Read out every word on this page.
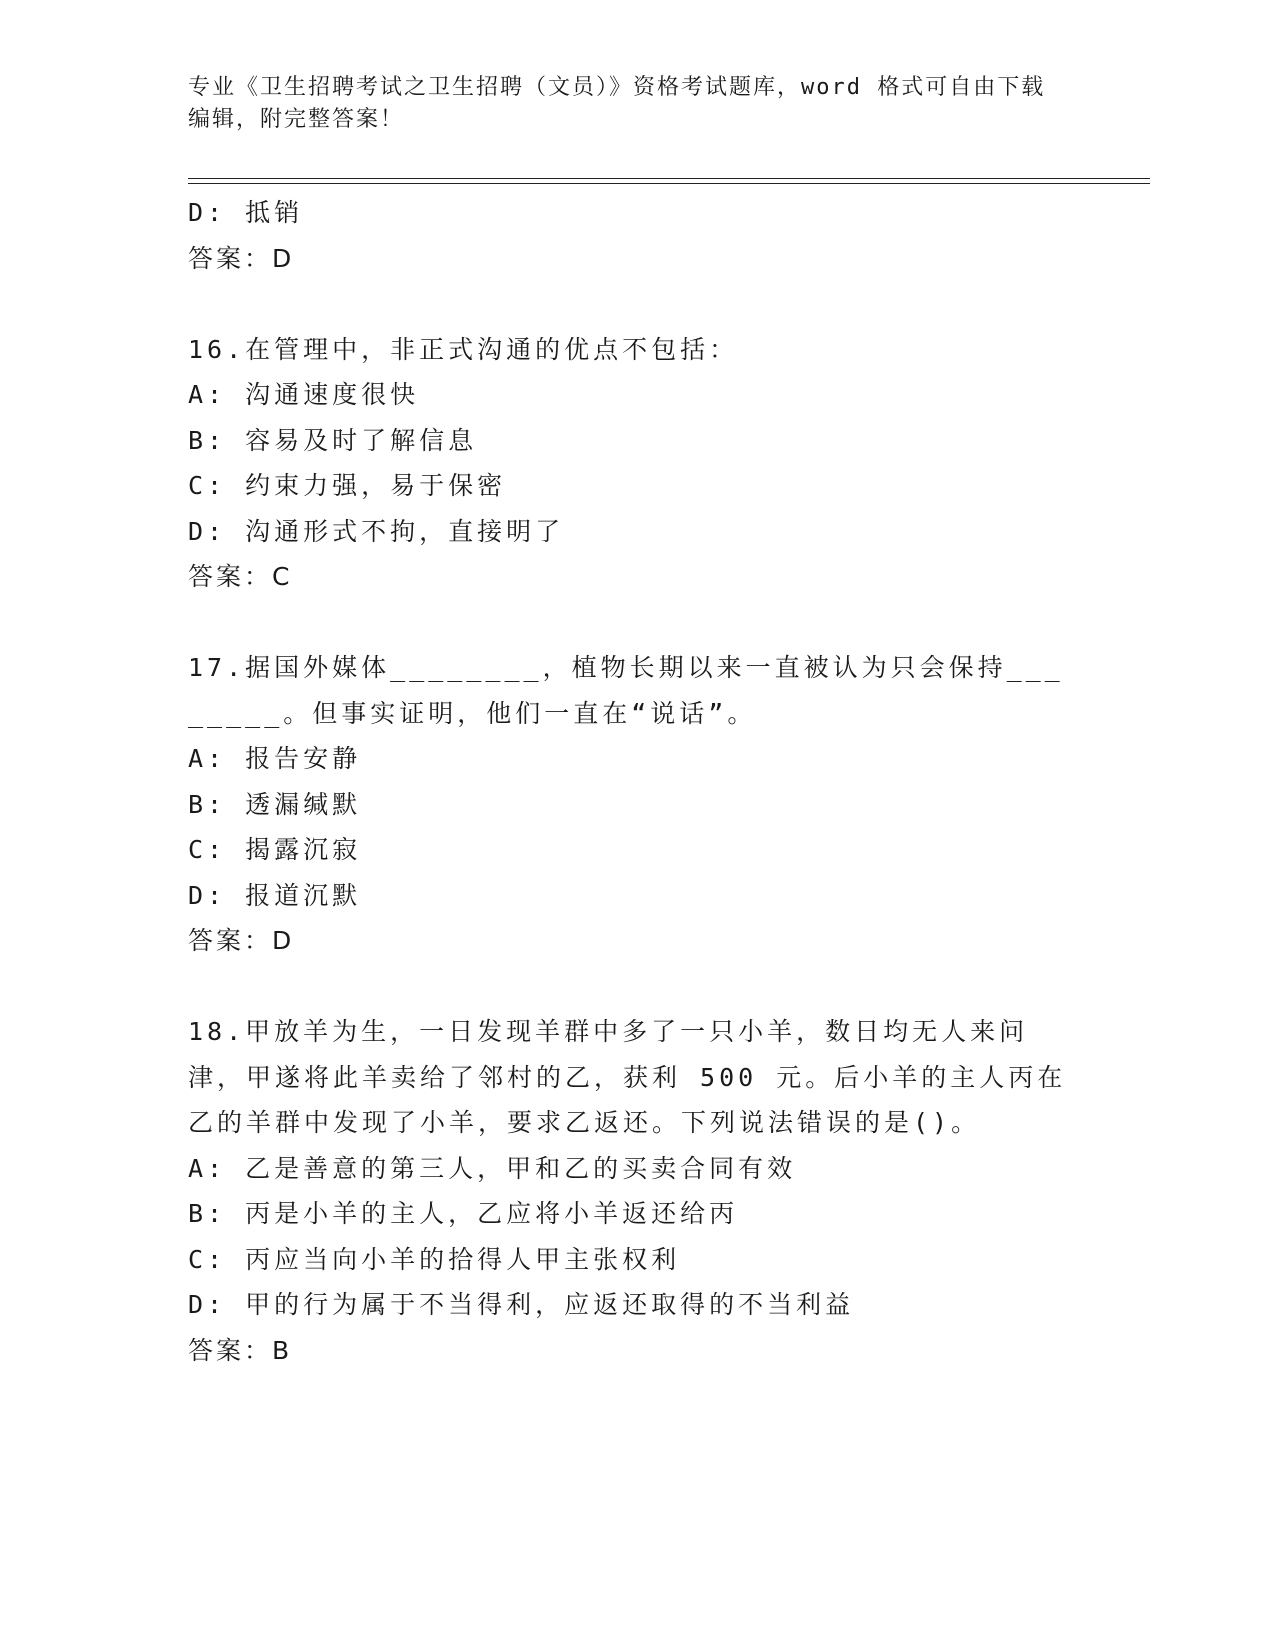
专业《卫生招聘考试之卫生招聘（文员）》资格考试题库，word 格式可自由下载编辑，附完整答案！
D: 抵销
答案：D
16.在管理中，非正式沟通的优点不包括：
A: 沟通速度很快
B: 容易及时了解信息
C: 约束力强，易于保密
D: 沟通形式不拘，直接明了
答案：C
17.据国外媒体________，植物长期以来一直被认为只会保持________。但事实证明，他们一直在“说话”。
A: 报告安静
B: 透漏缄默
C: 揭露沉寂
D: 报道沉默
答案：D
18.甲放羊为生，一日发现羊群中多了一只小羊，数日均无人来问津，甲遂将此羊卖给了邻村的乙，获利 500 元。后小羊的主人丙在乙的羊群中发现了小羊，要求乙返还。下列说法错误的是()。
A: 乙是善意的第三人，甲和乙的买卖合同有效
B: 丙是小羊的主人，乙应将小羊返还给丙
C: 丙应当向小羊的拾得人甲主张权利
D: 甲的行为属于不当得利，应返还取得的不当利益
答案：B
